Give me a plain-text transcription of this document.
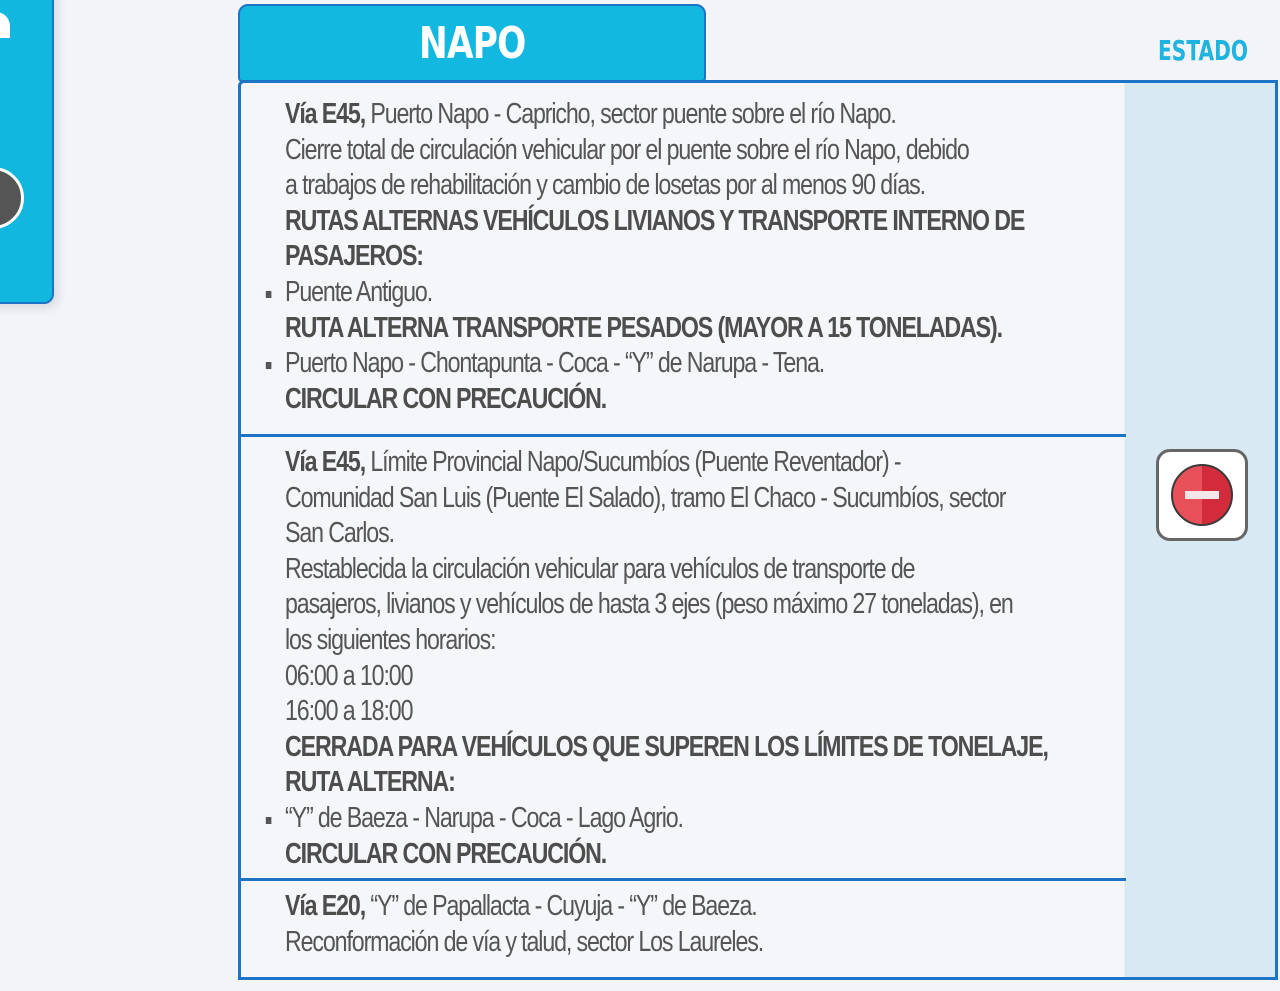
NAPO	ESTADO
Vía E45, Puerto Napo - Capricho, sector puente sobre el río Napo.
Cierre total de circulación vehicular por el puente sobre el río Napo, debido
a trabajos de rehabilitación y cambio de losetas por al menos 90 días.
RUTAS ALTERNAS VEHÍCULOS LIVIANOS Y TRANSPORTE INTERNO DE
PASAJEROS:
Puente Antiguo.
RUTA ALTERNA TRANSPORTE PESADOS (MAYOR A 15 TONELADAS).
Puerto Napo - Chontapunta - Coca - “Y” de Narupa - Tena.
CIRCULAR CON PRECAUCIÓN.
Vía E45, Límite Provincial Napo/Sucumbíos (Puente Reventador) -
Comunidad San Luis (Puente El Salado), tramo El Chaco - Sucumbíos, sector
San Carlos.
Restablecida la circulación vehicular para vehículos de transporte de
pasajeros, livianos y vehículos de hasta 3 ejes (peso máximo 27 toneladas), en
los siguientes horarios:
06:00 a 10:00
16:00 a 18:00
CERRADA PARA VEHÍCULOS QUE SUPEREN LOS LÍMITES DE TONELAJE,
RUTA ALTERNA:
“Y” de Baeza - Narupa - Coca - Lago Agrio.
CIRCULAR CON PRECAUCIÓN.
Vía E20, “Y” de Papallacta - Cuyuja - “Y” de Baeza.
Reconformación de vía y talud, sector Los Laureles.
